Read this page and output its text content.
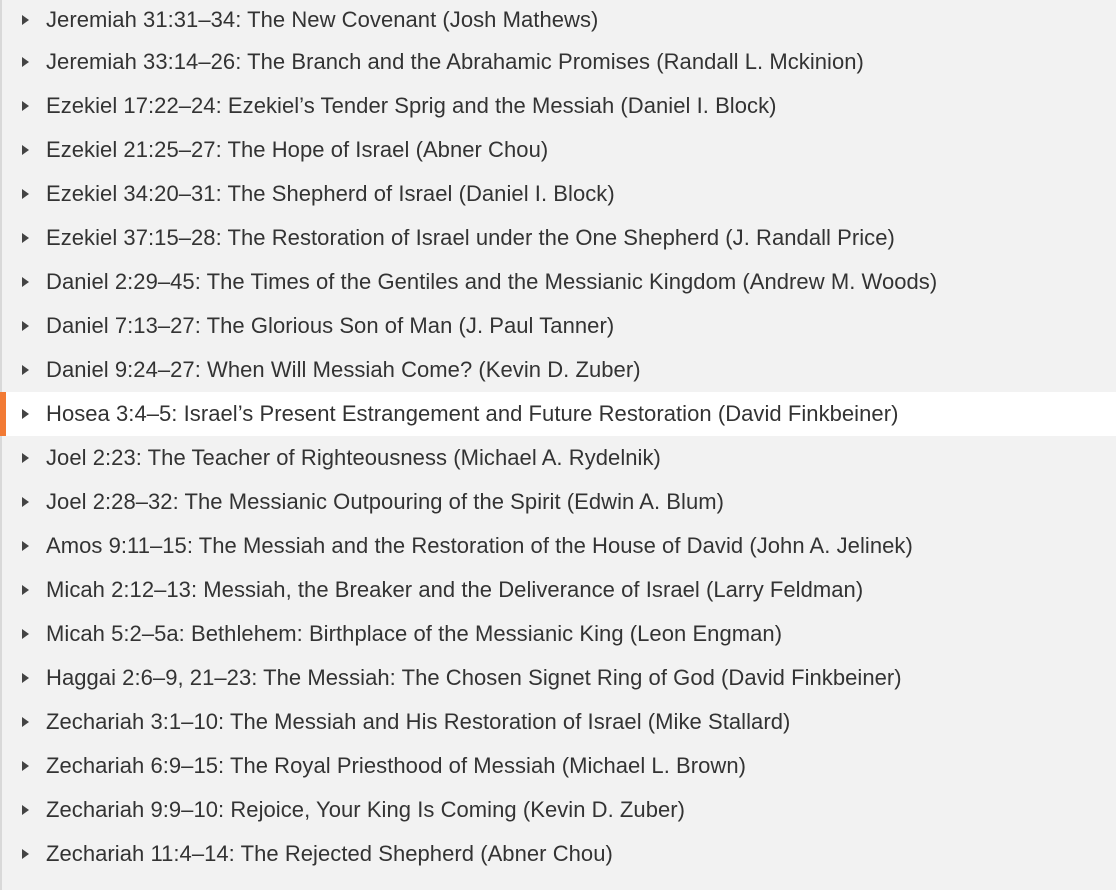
Jeremiah 31:31–34: The New Covenant (Josh Mathews)
Jeremiah 33:14–26: The Branch and the Abrahamic Promises (Randall L. Mckinion)
Ezekiel 17:22–24: Ezekiel’s Tender Sprig and the Messiah (Daniel I. Block)
Ezekiel 21:25–27: The Hope of Israel (Abner Chou)
Ezekiel 34:20–31: The Shepherd of Israel (Daniel I. Block)
Ezekiel 37:15–28: The Restoration of Israel under the One Shepherd (J. Randall Price)
Daniel 2:29–45: The Times of the Gentiles and the Messianic Kingdom (Andrew M. Woods)
Daniel 7:13–27: The Glorious Son of Man (J. Paul Tanner)
Daniel 9:24–27: When Will Messiah Come? (Kevin D. Zuber)
Hosea 3:4–5: Israel’s Present Estrangement and Future Restoration (David Finkbeiner)
Joel 2:23: The Teacher of Righteousness (Michael A. Rydelnik)
Joel 2:28–32: The Messianic Outpouring of the Spirit (Edwin A. Blum)
Amos 9:11–15: The Messiah and the Restoration of the House of David (John A. Jelinek)
Micah 2:12–13: Messiah, the Breaker and the Deliverance of Israel (Larry Feldman)
Micah 5:2–5a: Bethlehem: Birthplace of the Messianic King (Leon Engman)
Haggai 2:6–9, 21–23: The Messiah: The Chosen Signet Ring of God (David Finkbeiner)
Zechariah 3:1–10: The Messiah and His Restoration of Israel (Mike Stallard)
Zechariah 6:9–15: The Royal Priesthood of Messiah (Michael L. Brown)
Zechariah 9:9–10: Rejoice, Your King Is Coming (Kevin D. Zuber)
Zechariah 11:4–14: The Rejected Shepherd (Abner Chou)
